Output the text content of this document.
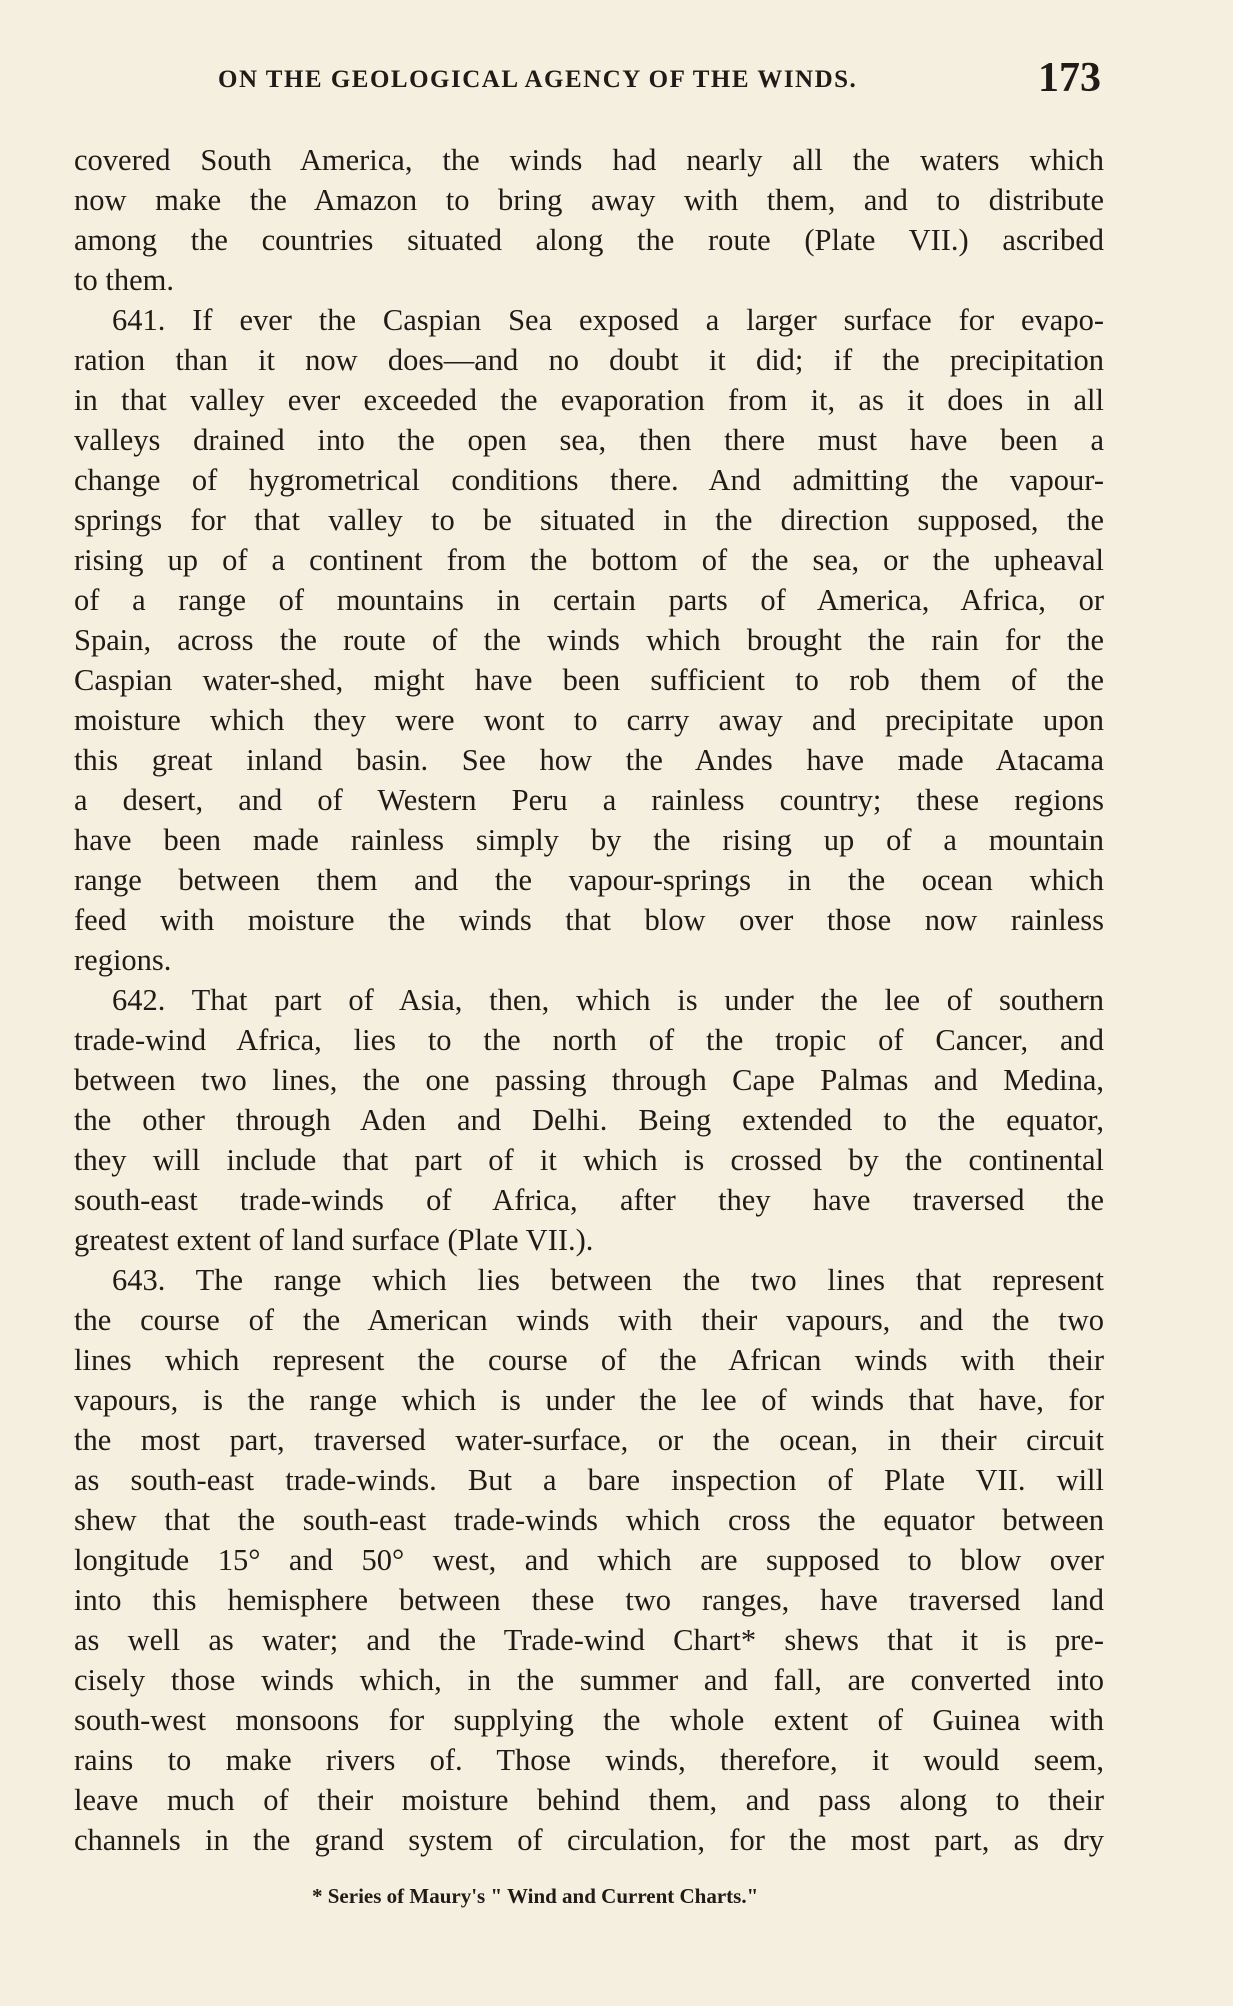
ON THE GEOLOGICAL AGENCY OF THE WINDS.	173
covered South America, the winds had nearly all the waters which
now make the Amazon to bring away with them, and to distribute
among the countries situated along the route (Plate VII.) ascribed
to them.
641. If ever the Caspian Sea exposed a larger surface for evapo-
ration than it now does—and no doubt it did; if the precipitation
in that valley ever exceeded the evaporation from it, as it does in all
valleys drained into the open sea, then there must have been a
change of hygrometrical conditions there. And admitting the vapour-
springs for that valley to be situated in the direction supposed, the
rising up of a continent from the bottom of the sea, or the upheaval
of a range of mountains in certain parts of America, Africa, or
Spain, across the route of the winds which brought the rain for the
Caspian water-shed, might have been sufficient to rob them of the
moisture which they were wont to carry away and precipitate upon
this great inland basin. See how the Andes have made Atacama
a desert, and of Western Peru a rainless country; these regions
have been made rainless simply by the rising up of a mountain
range between them and the vapour-springs in the ocean which
feed with moisture the winds that blow over those now rainless
regions.
642. That part of Asia, then, which is under the lee of southern
trade-wind Africa, lies to the north of the tropic of Cancer, and
between two lines, the one passing through Cape Palmas and Medina,
the other through Aden and Delhi. Being extended to the equator,
they will include that part of it which is crossed by the continental
south-east trade-winds of Africa, after they have traversed the
greatest extent of land surface (Plate VII.).
643. The range which lies between the two lines that represent
the course of the American winds with their vapours, and the two
lines which represent the course of the African winds with their
vapours, is the range which is under the lee of winds that have, for
the most part, traversed water-surface, or the ocean, in their circuit
as south-east trade-winds. But a bare inspection of Plate VII. will
shew that the south-east trade-winds which cross the equator between
longitude 15° and 50° west, and which are supposed to blow over
into this hemisphere between these two ranges, have traversed land
as well as water; and the Trade-wind Chart* shews that it is pre-
cisely those winds which, in the summer and fall, are converted into
south-west monsoons for supplying the whole extent of Guinea with
rains to make rivers of. Those winds, therefore, it would seem,
leave much of their moisture behind them, and pass along to their
channels in the grand system of circulation, for the most part, as dry
* Series of Maury's " Wind and Current Charts."
